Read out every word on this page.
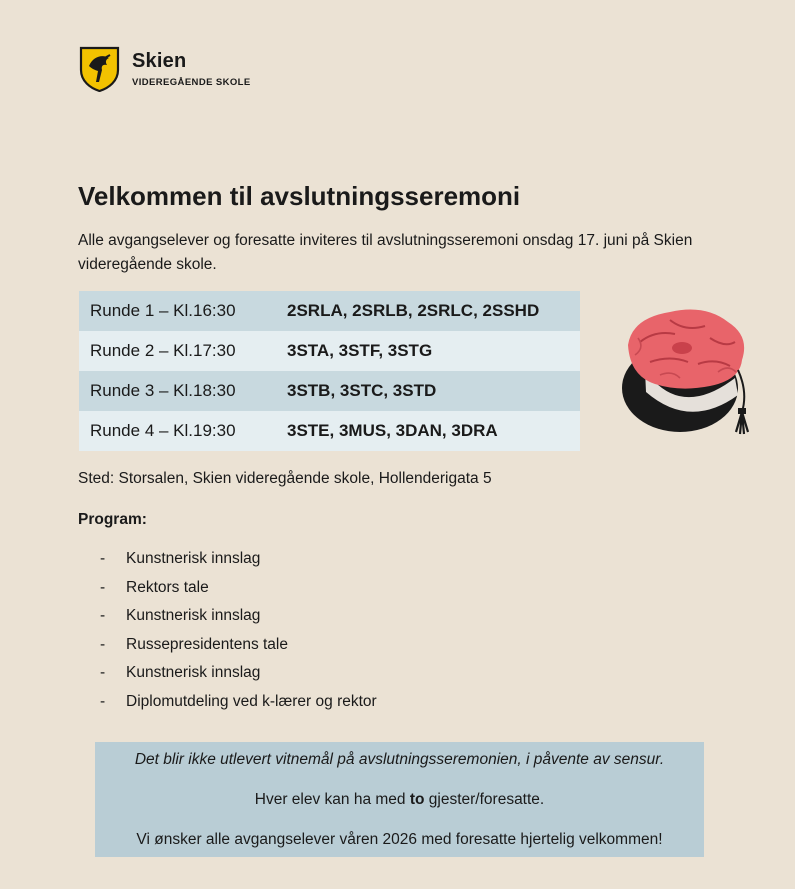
Skien
VIDEREGÅENDE SKOLE
Velkommen til avslutningsseremoni
Alle avgangselever og foresatte inviteres til avslutningsseremoni onsdag 17. juni på Skien videregående skole.
Runde 1 – Kl.16:30	2SRLA, 2SRLB, 2SRLC, 2SSHD
Runde 2 – Kl.17:30	3STA, 3STF, 3STG
Runde 3 – Kl.18:30	3STB, 3STC, 3STD
Runde 4 – Kl.19:30	3STE, 3MUS, 3DAN, 3DRA
Sted: Storsalen, Skien videregående skole, Hollenderigata 5
Program:
-	Kunstnerisk innslag
-	Rektors tale
-	Kunstnerisk innslag
-	Russepresidentens tale
-	Kunstnerisk innslag
-	Diplomutdeling ved k-lærer og rektor
Det blir ikke utlevert vitnemål på avslutningsseremonien, i påvente av sensur.
Hver elev kan ha med to gjester/foresatte.
Vi ønsker alle avgangselever våren 2026 med foresatte hjertelig velkommen!
